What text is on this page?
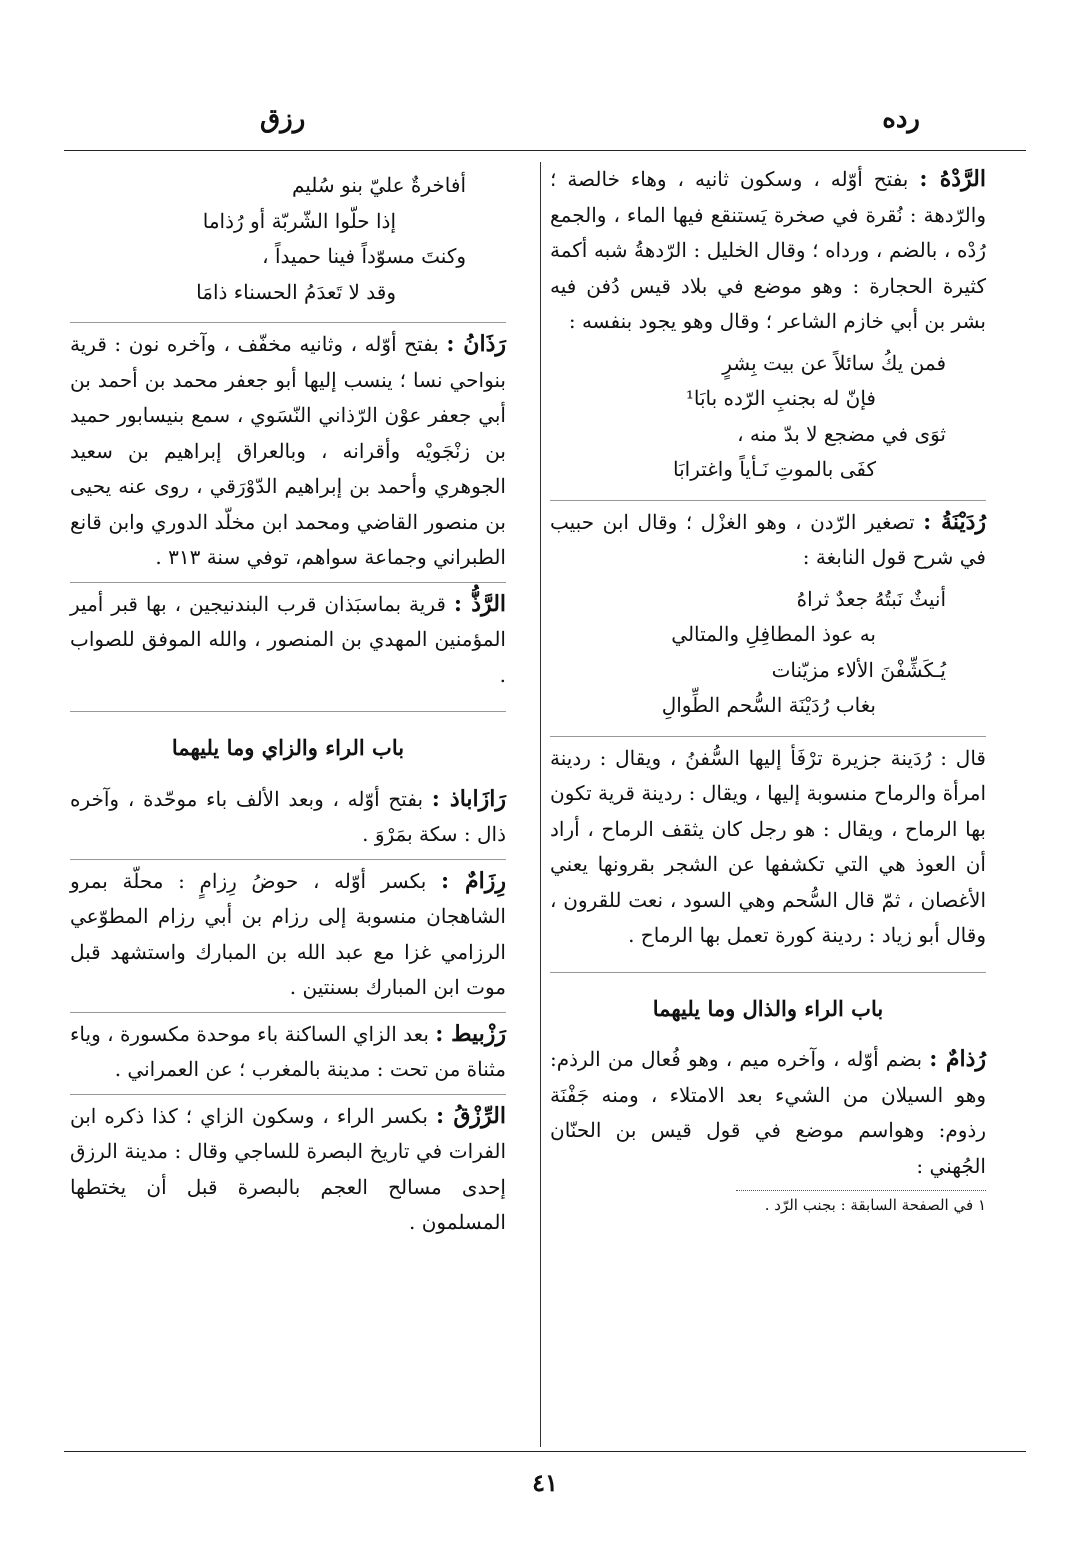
رده
رزق

الرَّدْهُ : بفتح أوّله ، وسكون ثانيه ، وهاء خالصة ؛ والرّدهة : نُقرة في صخرة يَستنقع فيها الماء ، والجمع رُدْه ، بالضم ، ورداه ؛ وقال الخليل : الرّدهةُ شبه أكمة كثيرة الحجارة : وهو موضع في بلاد قيس دُفن فيه بشر بن أبي خازم الشاعر ؛ وقال وهو يجود بنفسه :

فمن يكُ سائلاً عن بيت بِشرٍ
فإنّ له بجنبِ الرّده بابَا¹
ثوَى في مضجع لا بدّ منه ،
كفَى بالموتِ نَـأياً واغترابَا

رُدَيْنَةُ : تصغير الرّدن ، وهو الغزْل ؛ وقال ابن حبيب في شرح قول النابغة :

أنيثٌ نَبتُهُ جعدٌ ثراهُ
به عوذ المطافِلِ والمتالي
يُـكَشِّفْنَ الألاء مزيّنات
بغاب رُدَيْنَة السُّحم الطِّوالِ

قال : رُدَينة جزيرة ترْفَأ إليها السُّفنُ ، ويقال : ردينة امرأة والرماح منسوبة إليها ، ويقال : ردينة قرية تكون بها الرماح ، ويقال : هو رجل كان يثقف الرماح ، أراد أن العوذ هي التي تكشفها عن الشجر بقرونها يعني الأغصان ، ثمّ قال السُّحم وهي السود ، نعت للقرون ، وقال أبو زياد : ردينة كورة تعمل بها الرماح .

باب الراء والذال وما يليهما

رُذامٌ : بضم أوّله ، وآخره ميم ، وهو فُعال من الرذم: وهو السيلان من الشيء بعد الامتلاء ، ومنه جَفْنَة رذوم: وهواسم موضع في قول قيس بن الحنّان الجُهني :

١ في الصفحة السابقة : بجنب الرّد .
أفاخرةٌ عليّ بنو سُليم
إذا حلّوا الشّربّة أو رُذاما
وكنتَ مسوّداً فينا حميداً ،
وقد لا تَعدَمُ الحسناء ذامَا

رَذَانُ : بفتح أوّله ، وثانيه مخفّف ، وآخره نون : قرية بنواحي نسا ؛ ينسب إليها أبو جعفر محمد بن أحمد بن أبي جعفر عوْن الرّذاني النّسَوي ، سمع بنيسابور حميد بن زنْجَويْه وأقرانه ، وبالعراق إبراهيم بن سعيد الجوهري وأحمد بن إبراهيم الدّوْرَقي ، روى عنه يحيى بن منصور القاضي ومحمد ابن مخلّد الدوري وابن قانع الطبراني وجماعة سواهم، توفي سنة ٣١٣ .

الرَّذُّ : قرية بماسبَذان قرب البندنيجين ، بها قبر أمير المؤمنين المهدي بن المنصور ، والله الموفق للصواب .

باب الراء والزاي وما يليهما

رَازَاباذ : بفتح أوّله ، وبعد الألف باء موحّدة ، وآخره ذال : سكة بمَرْوَ .

رِزَامٌ : بكسر أوّله ، حوضُ رِزامٍ : محلّة بمرو الشاهجان منسوبة إلى رزام بن أبي رزام المطوّعي الرزامي غزا مع عبد الله بن المبارك واستشهد قبل موت ابن المبارك بسنتين .

رَزْبيط : بعد الزاي الساكنة باء موحدة مكسورة ، وياء مثناة من تحت : مدينة بالمغرب ؛ عن العمراني .

الرِّزْقُ : بكسر الراء ، وسكون الزاي ؛ كذا ذكره ابن الفرات في تاريخ البصرة للساجي وقال : مدينة الرزق إحدى مسالح العجم بالبصرة قبل أن يختطها المسلمون .

٤١
